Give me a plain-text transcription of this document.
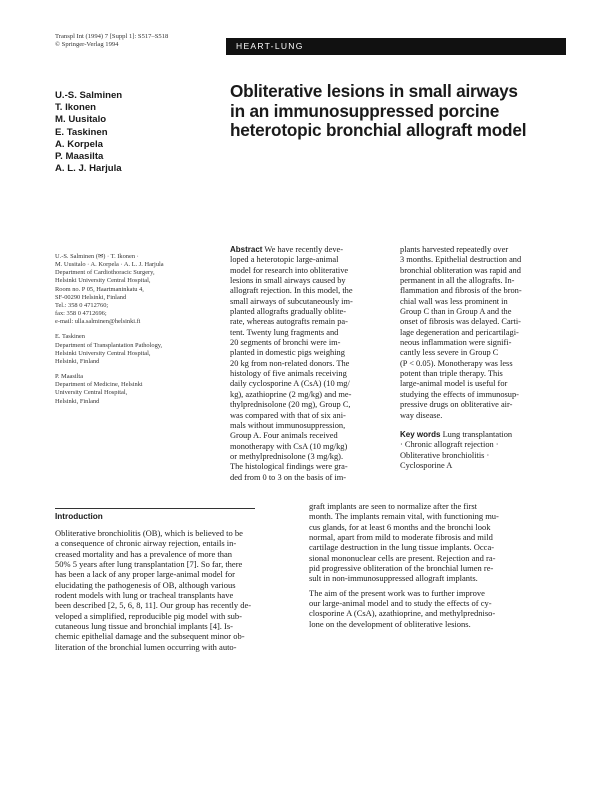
Transpl Int (1994) 7 [Suppl 1]: S517–S518
© Springer-Verlag 1994	HEART-LUNG
U.-S. Salminen
T. Ikonen
M. Uusitalo
E. Taskinen
A. Korpela
P. Maasilta
A. L. J. Harjula
Obliterative lesions in small airways
in an immunosuppressed porcine
heterotopic bronchial allograft model
U.-S. Salminen (✉) · T. Ikonen ·
M. Uusitalo · A. Korpela · A. L. J. Harjula
Department of Cardiothoracic Surgery,
Helsinki University Central Hospital,
Room no. P 05, Haartmaninkatu 4,
SF-00290 Helsinki, Finland
Tel.: 358 0 4712760;
fax: 358 0 4712696;
e-mail: ulla.salminen@helsinki.fi
E. Taskinen
Department of Transplantation Pathology,
Helsinki University Central Hospital,
Helsinki, Finland
P. Maasilta
Department of Medicine, Helsinki
University Central Hospital,
Helsinki, Finland
Abstract We have recently deve-
loped a heterotopic large-animal
model for research into obliterative
lesions in small airways caused by
allograft rejection. In this model, the
small airways of subcutaneously im-
planted allografts gradually oblite-
rate, whereas autografts remain pa-
tent. Twenty lung fragments and
20 segments of bronchi were im-
planted in domestic pigs weighing
20 kg from non-related donors. The
histology of five animals receiving
daily cyclosporine A (CsA) (10 mg/
kg), azathioprine (2 mg/kg) and me-
thylprednisolone (20 mg), Group C,
was compared with that of six ani-
mals without immunosuppression,
Group A. Four animals received
monotherapy with CsA (10 mg/kg)
or methylprednisolone (3 mg/kg).
The histological findings were gra-
ded from 0 to 3 on the basis of im-
plants harvested repeatedly over
3 months. Epithelial destruction and
bronchial obliteration was rapid and
permanent in all the allografts. In-
flammation and fibrosis of the bron-
chial wall was less prominent in
Group C than in Group A and the
onset of fibrosis was delayed. Carti-
lage degeneration and pericartilagi-
neous inflammation were signifi-
cantly less severe in Group C
(P < 0.05). Monotherapy was less
potent than triple therapy. This
large-animal model is useful for
studying the effects of immunosup-
pressive drugs on obliterative air-
way disease.
Key words Lung transplantation
· Chronic allograft rejection ·
Obliterative bronchiolitis ·
Cyclosporine A
Introduction
Obliterative bronchiolitis (OB), which is believed to be
a consequence of chronic airway rejection, entails in-
creased mortality and has a prevalence of more than
50% 5 years after lung transplantation [7]. So far, there
has been a lack of any proper large-animal model for
elucidating the pathogenesis of OB, although various
rodent models with lung or tracheal transplants have
been described [2, 5, 6, 8, 11]. Our group has recently de-
veloped a simplified, reproducible pig model with sub-
cutaneous lung tissue and bronchial implants [4]. Is-
chemic epithelial damage and the subsequent minor ob-
literation of the bronchial lumen occurring with auto-
graft implants are seen to normalize after the first
month. The implants remain vital, with functioning mu-
cus glands, for at least 6 months and the bronchi look
normal, apart from mild to moderate fibrosis and mild
cartilage destruction in the lung tissue implants. Occa-
sional mononuclear cells are present. Rejection and ra-
pid progressive obliteration of the bronchial lumen re-
sult in non-immunosuppressed allograft implants.
The aim of the present work was to further improve
our large-animal model and to study the effects of cy-
closporine A (CsA), azathioprine, and methylpredniso-
lone on the development of obliterative lesions.
